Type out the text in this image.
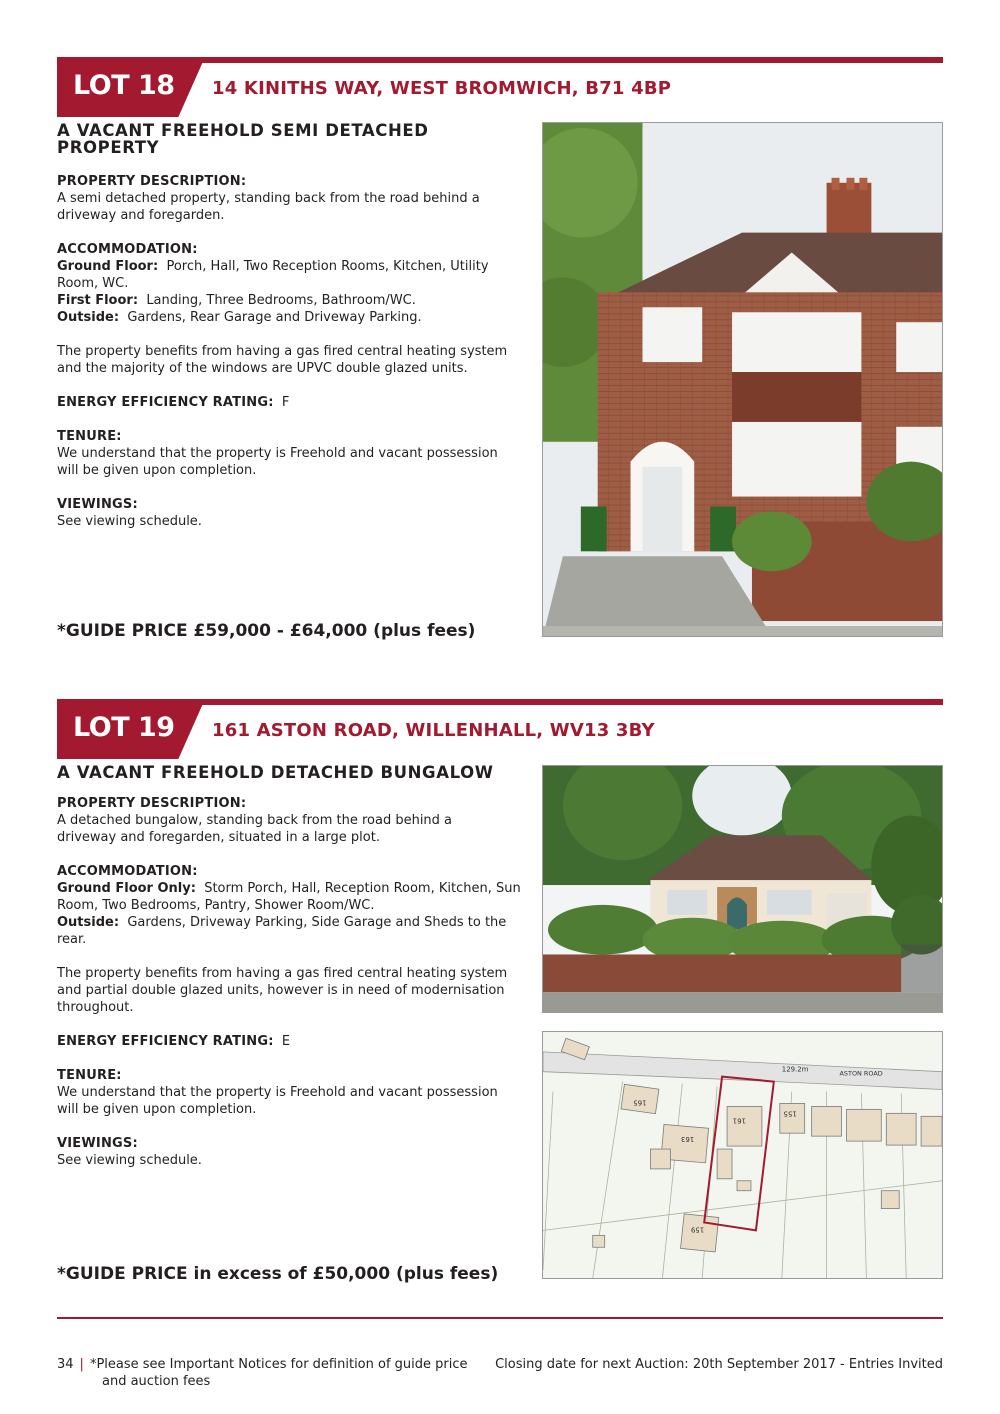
LOT 18 14 KINITHS WAY, WEST BROMWICH, B71 4BP
A VACANT FREEHOLD SEMI DETACHED
PROPERTY
PROPERTY DESCRIPTION:

A semi detached property, standing back from the road behind a driveway and foregarden.

ACCOMMODATION:

Ground Floor: Porch, Hall, Two Reception Rooms, Kitchen, Utility Room, WC.

First Floor: Landing, Three Bedrooms, Bathroom/WC.

Outside: Gardens, Rear Garage and Driveway Parking.

The property benefits from having a gas fired central heating system and the majority of the windows are UPVC double glazed units.

ENERGY EFFICIENCY RATING: F

TENURE:

We understand that the property is Freehold and vacant possession will be given upon completion.

VIEWINGS:

See viewing schedule.

*GUIDE PRICE £59,000 - £64,000 (plus fees)
LOT 19 161 ASTON ROAD, WILLENHALL, WV13 3BY
A VACANT FREEHOLD DETACHED BUNGALOW
PROPERTY DESCRIPTION:

A detached bungalow, standing back from the road behind a driveway and foregarden, situated in a large plot.

ACCOMMODATION:

Ground Floor Only: Storm Porch, Hall, Reception Room, Kitchen, Sun Room, Two Bedrooms, Pantry, Shower Room/WC.

Outside: Gardens, Driveway Parking, Side Garage and Sheds to the rear.

The property benefits from having a gas fired central heating system and partial double glazed units, however is in need of modernisation throughout.

ENERGY EFFICIENCY RATING: E

TENURE:

We understand that the property is Freehold and vacant possession will be given upon completion.

VIEWINGS:

See viewing schedule.

*GUIDE PRICE in excess of £50,000 (plus fees)
129.2m	ASTON ROAD
165
163
161
155
159
34 | *Please see Important Notices for definition of guide price
and auction fees
Closing date for next Auction: 20th September 2017 - Entries Invited
